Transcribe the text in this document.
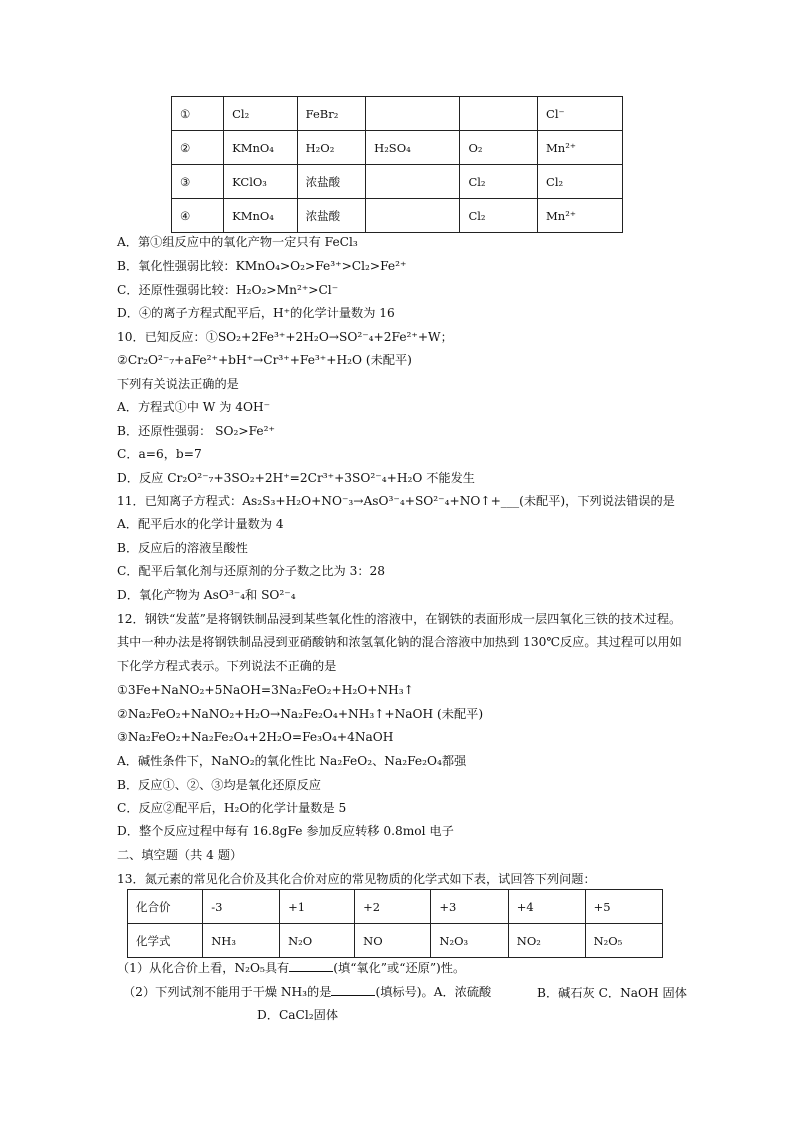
①	Cl₂	FeBr₂			Cl⁻
②	KMnO₄	H₂O₂	H₂SO₄	O₂	Mn²⁺
③	KClO₃	浓盐酸		Cl₂	Cl₂
④	KMnO₄	浓盐酸		Cl₂	Mn²⁺
A．第①组反应中的氧化产物一定只有 FeCl₃
B．氧化性强弱比较：KMnO₄>O₂>Fe³⁺>Cl₂>Fe²⁺
C．还原性强弱比较：H₂O₂>Mn²⁺>Cl⁻
D．④的离子方程式配平后，H⁺的化学计量数为 16
10．已知反应：①SO₂+2Fe³⁺+2H₂O→SO²⁻₄+2Fe²⁺+W；
②Cr₂O²⁻₇+aFe²⁺+bH⁺→Cr³⁺+Fe³⁺+H₂O (未配平)
下列有关说法正确的是
A．方程式①中 W 为 4OH⁻
B．还原性强弱： SO₂>Fe²⁺
C．a=6，b=7
D．反应 Cr₂O²⁻₇+3SO₂+2H⁺=2Cr³⁺+3SO²⁻₄+H₂O 不能发生
11．已知离子方程式：As₂S₃+H₂O+NO⁻₃→AsO³⁻₄+SO²⁻₄+NO↑+___(未配平)，下列说法错误的是
A．配平后水的化学计量数为 4
B．反应后的溶液呈酸性
C．配平后氧化剂与还原剂的分子数之比为 3：28
D．氧化产物为 AsO³⁻₄和 SO²⁻₄
12．钢铁“发蓝”是将钢铁制品浸到某些氧化性的溶液中，在钢铁的表面形成一层四氧化三铁的技术过程。
其中一种办法是将钢铁制品浸到亚硝酸钠和浓氢氧化钠的混合溶液中加热到 130℃反应。其过程可以用如
下化学方程式表示。下列说法不正确的是
①3Fe+NaNO₂+5NaOH=3Na₂FeO₂+H₂O+NH₃↑
②Na₂FeO₂+NaNO₂+H₂O→Na₂Fe₂O₄+NH₃↑+NaOH (未配平)
③Na₂FeO₂+Na₂Fe₂O₄+2H₂O=Fe₃O₄+4NaOH
A．碱性条件下，NaNO₂的氧化性比 Na₂FeO₂、Na₂Fe₂O₄都强
B．反应①、②、③均是氧化还原反应
C．反应②配平后，H₂O的化学计量数是 5
D．整个反应过程中每有 16.8gFe 参加反应转移 0.8mol 电子
二、填空题（共 4 题）
13．氮元素的常见化合价及其化合价对应的常见物质的化学式如下表，试回答下列问题：
化合价	-3	+1	+2	+3	+4	+5
化学式	NH₃	N₂O	NO	N₂O₃	NO₂	N₂O₅
（1）从化合价上看，N₂O₅具有	(填“氧化”或“还原”)性。
（2）下列试剂不能用于干燥 NH₃的是	(填标号)。A．浓硫酸	B．碱石灰 C．NaOH 固体
D．CaCl₂固体
